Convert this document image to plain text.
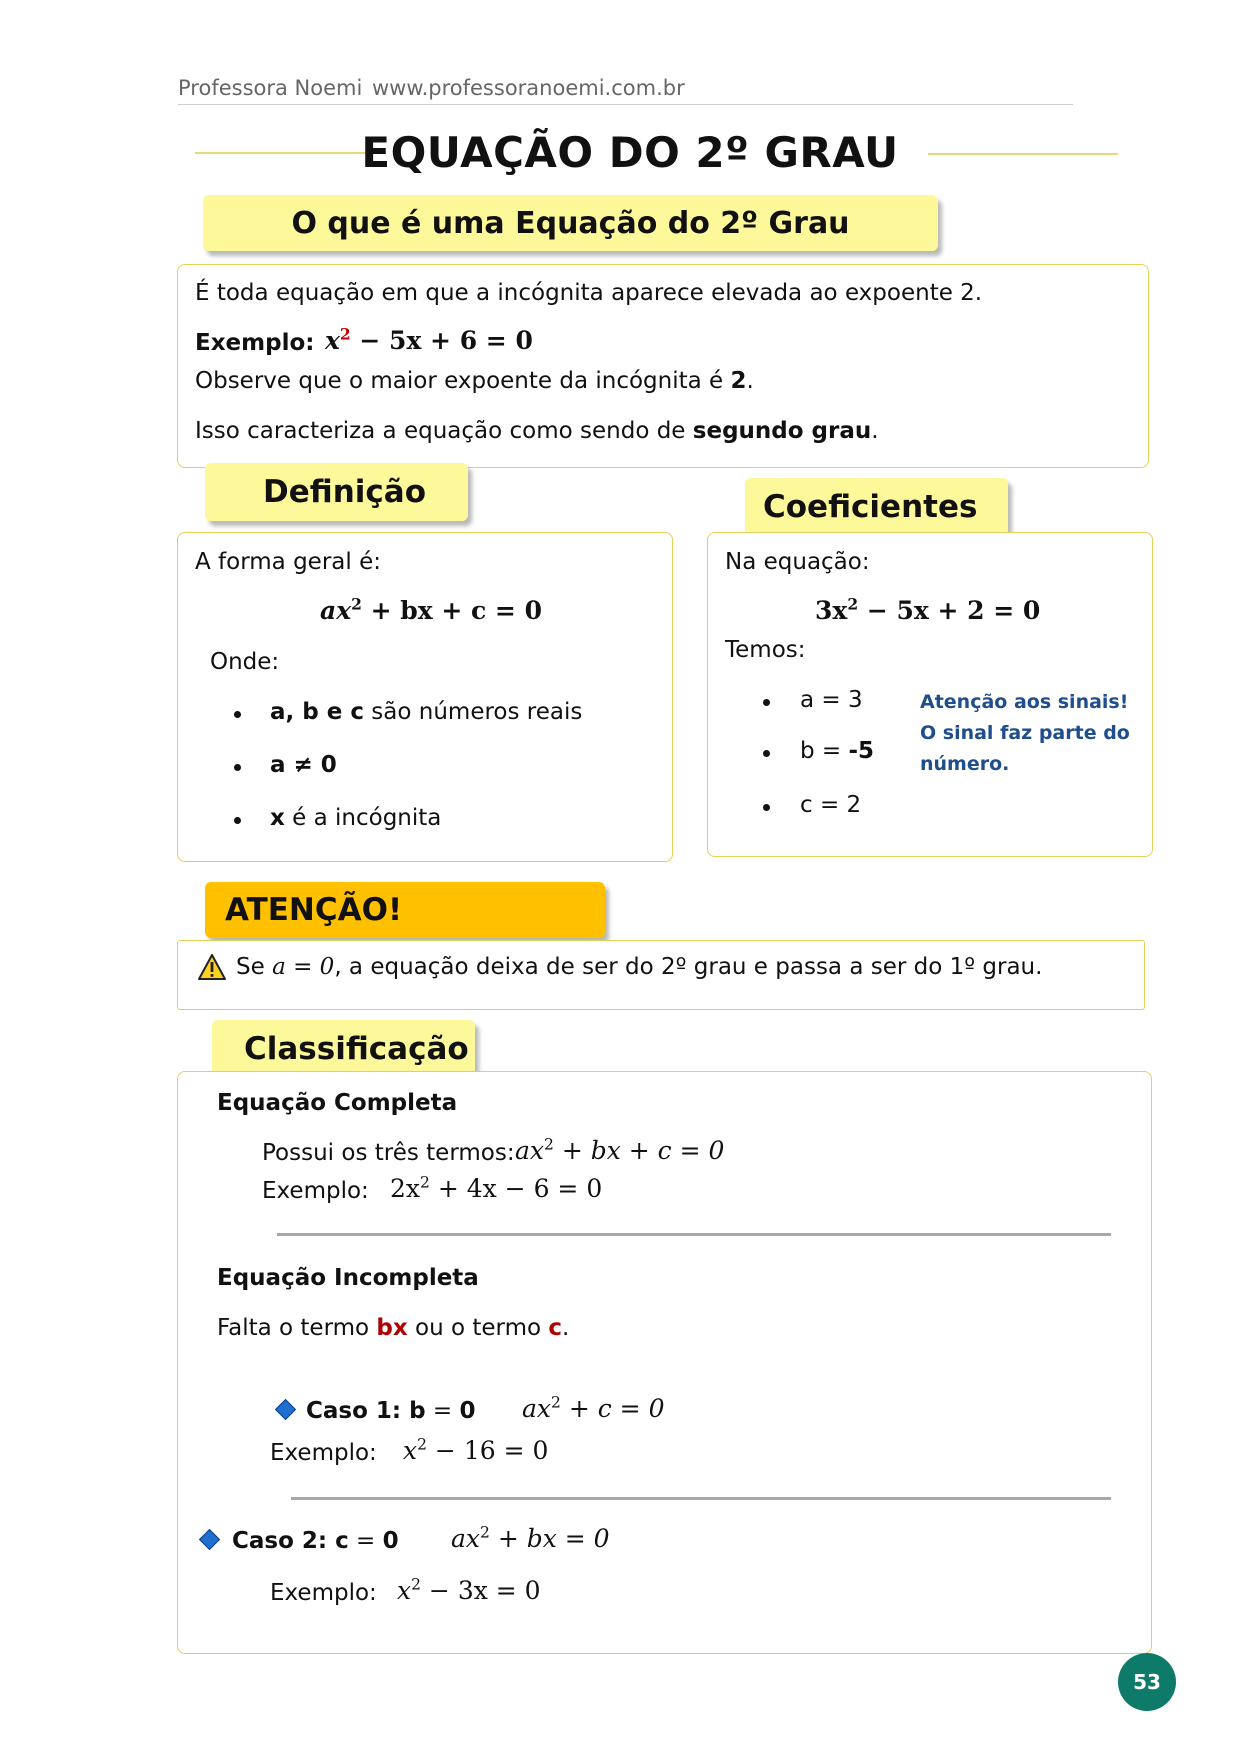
Professora Noemi www.professoranoemi.com.br
EQUAÇÃO DO 2º GRAU
O que é uma Equação do 2º Grau
É toda equação em que a incógnita aparece elevada ao expoente 2.
Exemplo: $x^2 - 5x + 6 = 0$
Observe que o maior expoente da incógnita é 2.
Isso caracteriza a equação como sendo de segundo grau.
Definição
A forma geral é:
$ax^2$ + bx + c = 0
Onde:
a, b e c são números reais
a ≠ 0
x é a incógnita
Coeficientes
Na equação:
$3x^2 - 5x + 2 = 0$
Temos:
a = 3
b = -5
c = 2
Atenção aos sinais!
O sinal faz parte do
número.
ATENÇÃO!
Se a = 0, a equação deixa de ser do 2º grau e passa a ser do 1º grau.
Classificação
Equação Completa
Possui os três termos: $ax^2$ + bx + c = 0
Exemplo: $2x^2 + 4x - 6 = 0$
Equação Incompleta
Falta o termo bx ou o termo c.
Caso 1: b = 0 $ax^2 + c = 0$
Exemplo: $x^2 - 16 = 0$
Caso 2: c = 0 $ax^2$ + bx = 0
Exemplo: $x^2 - 3x = 0$
53
